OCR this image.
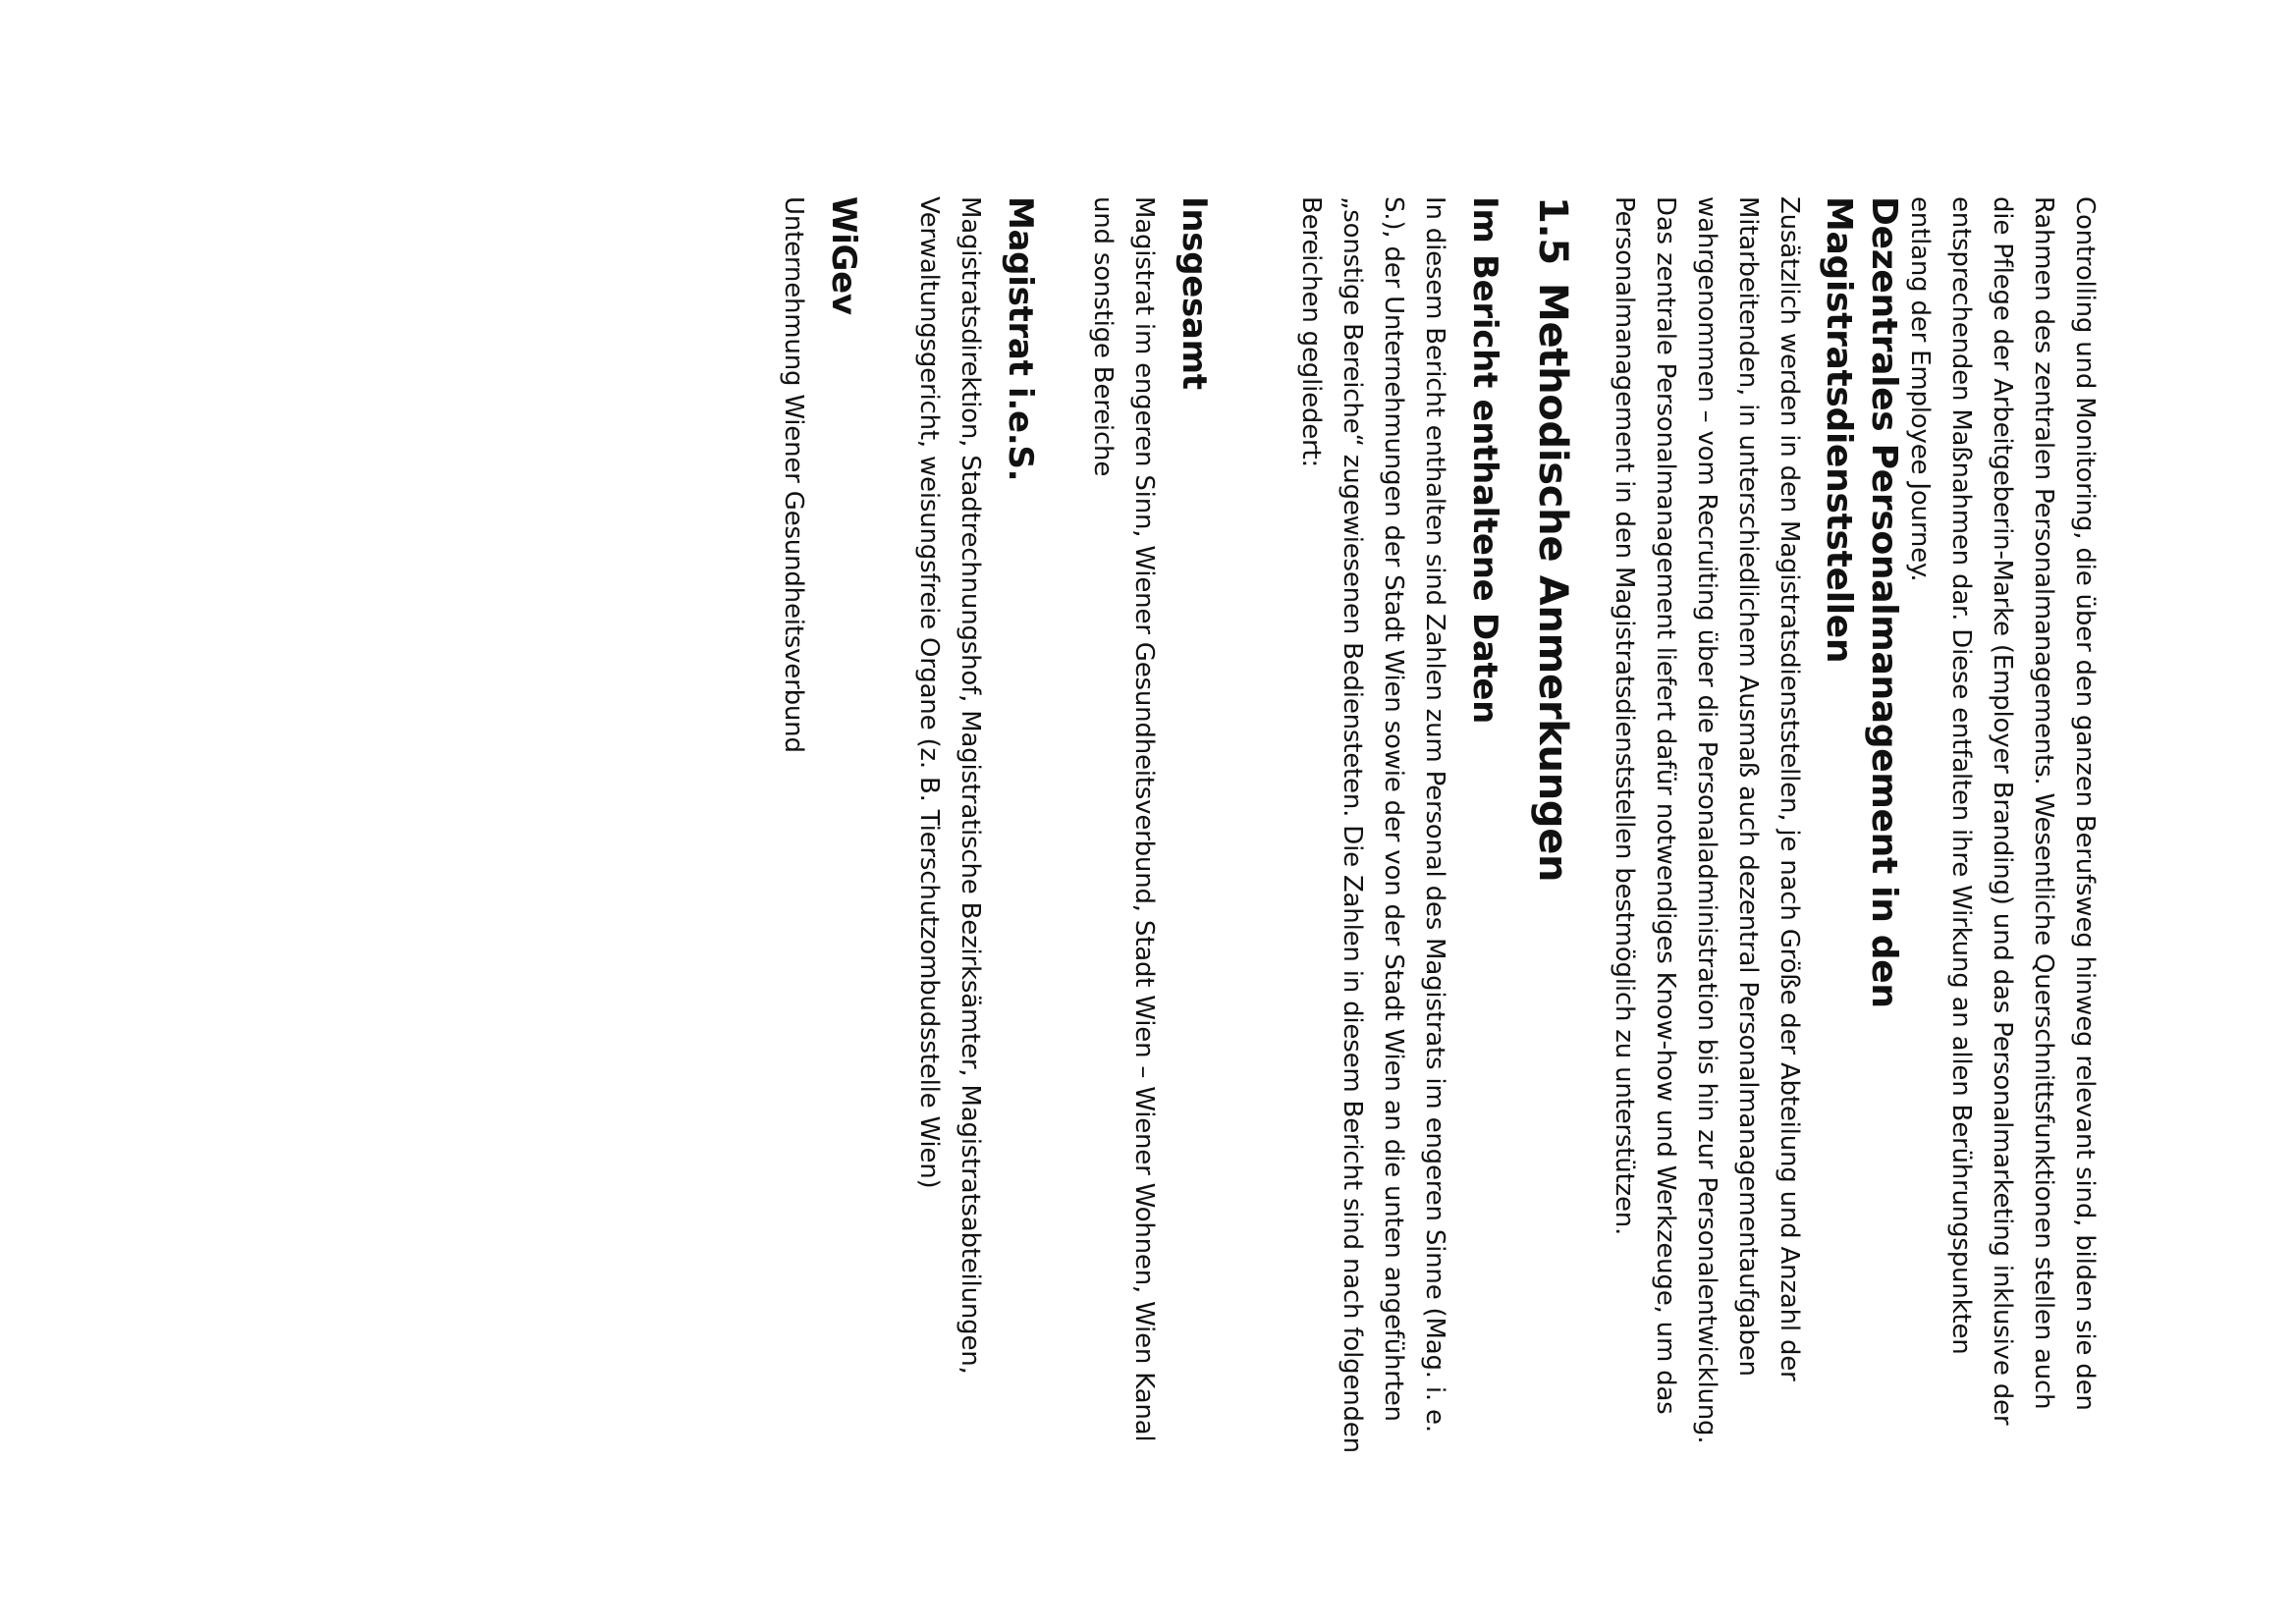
Controlling und Monitoring, die über den ganzen Berufsweg hinweg relevant sind, bilden sie den Rahmen des zentralen Personalmanagements. Wesentliche Querschnittsfunktionen stellen auch die Pflege der Arbeitgeberin-Marke (Employer Branding) und das Personalmarketing inklusive der entsprechenden Maßnahmen dar. Diese entfalten ihre Wirkung an allen Berührungspunkten entlang der Employee Journey.

Dezentrales Personalmanagement in den Magistratsdienststellen

Zusätzlich werden in den Magistratsdienststellen, je nach Größe der Abteilung und Anzahl der Mitarbeitenden, in unterschiedlichem Ausmaß auch dezentral Personalmanagementaufgaben wahrgenommen – vom Recruiting über die Personaladministration bis hin zur Personalentwicklung. Das zentrale Personalmanagement liefert dafür notwendiges Know-how und Werkzeuge, um das Personalmanagement in den Magistratsdienststellen bestmöglich zu unterstützen.

1.5Methodische Anmerkungen
Im Bericht enthaltene Daten

In diesem Bericht enthalten sind Zahlen zum Personal des Magistrats im engeren Sinne (Mag. i. e. S.), der Unternehmungen der Stadt Wien sowie der von der Stadt Wien an die unten angeführten „sonstige Bereiche“ zugewiesenen Bediensteten. Die Zahlen in diesem Bericht sind nach folgenden Bereichen gegliedert:

Insgesamt

Magistrat im engeren Sinn, Wiener Gesundheitsverbund, Stadt Wien – Wiener Wohnen, Wien Kanal und sonstige Bereiche

Magistrat i.e.S.

Magistratsdirektion, Stadtrechnungshof, Magistratische Bezirksämter, Magistratsabteilungen, Verwaltungsgericht, weisungsfreie Organe (z. B. Tierschutzombudsstelle Wien)

WiGev

Unternehmung Wiener Gesundheitsverbund
